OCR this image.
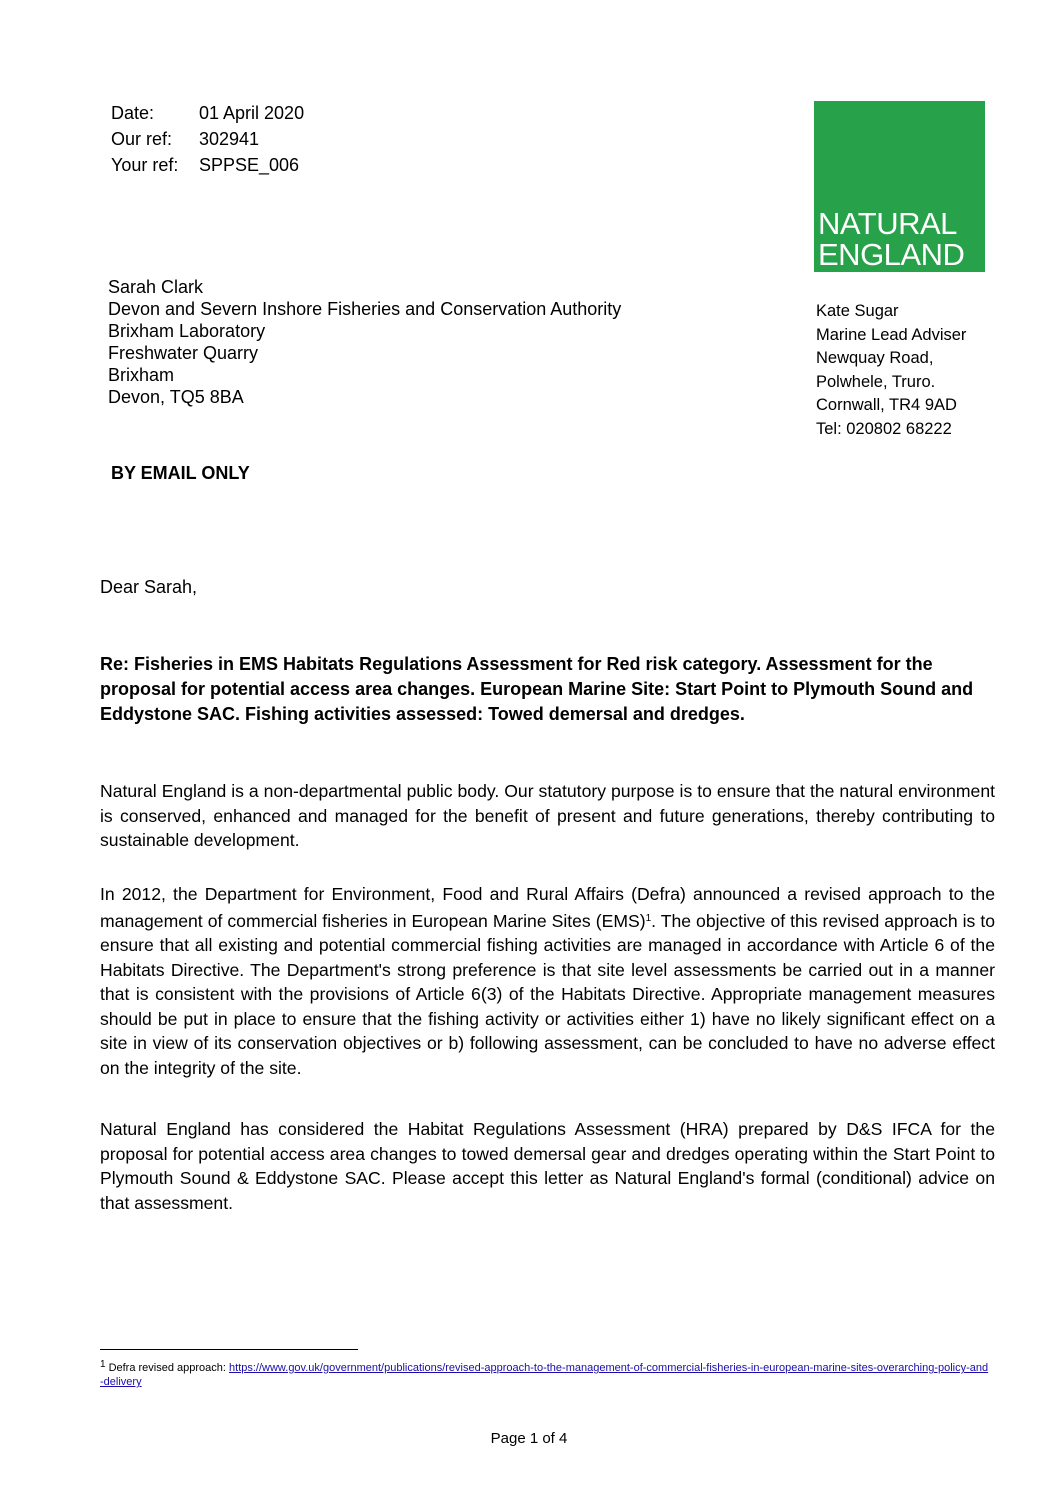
Date:	01 April 2020
Our ref:	302941
Your ref:	SPPSE_006
NATURAL
ENGLAND
Sarah Clark
Devon and Severn Inshore Fisheries and Conservation Authority
Brixham Laboratory
Freshwater Quarry
Brixham
Devon, TQ5 8BA
Kate Sugar
Marine Lead Adviser
Newquay Road,
Polwhele, Truro.
Cornwall, TR4 9AD
Tel: 020802 68222
BY EMAIL ONLY
Dear Sarah,
Re: Fisheries in EMS Habitats Regulations Assessment for Red risk category. Assessment for the proposal for potential access area changes. European Marine Site: Start Point to Plymouth Sound and Eddystone SAC. Fishing activities assessed: Towed demersal and dredges.
Natural England is a non-departmental public body. Our statutory purpose is to ensure that the natural environment is conserved, enhanced and managed for the benefit of present and future generations, thereby contributing to sustainable development.
In 2012, the Department for Environment, Food and Rural Affairs (Defra) announced a revised approach to the management of commercial fisheries in European Marine Sites (EMS)$^1$. The objective of this revised approach is to ensure that all existing and potential commercial fishing activities are managed in accordance with Article 6 of the Habitats Directive. The Department's strong preference is that site level assessments be carried out in a manner that is consistent with the provisions of Article 6(3) of the Habitats Directive. Appropriate management measures should be put in place to ensure that the fishing activity or activities either 1) have no likely significant effect on a site in view of its conservation objectives or b) following assessment, can be concluded to have no adverse effect on the integrity of the site.
Natural England has considered the Habitat Regulations Assessment (HRA) prepared by D&S IFCA for the proposal for potential access area changes to towed demersal gear and dredges operating within the Start Point to Plymouth Sound & Eddystone SAC. Please accept this letter as Natural England's formal (conditional) advice on that assessment.
$^1$ Defra revised approach: https://www.gov.uk/government/publications/revised-approach-to-the-management-of-commercial-fisheries-in-european-marine-sites-overarching-policy-and-delivery
Page 1 of 4
